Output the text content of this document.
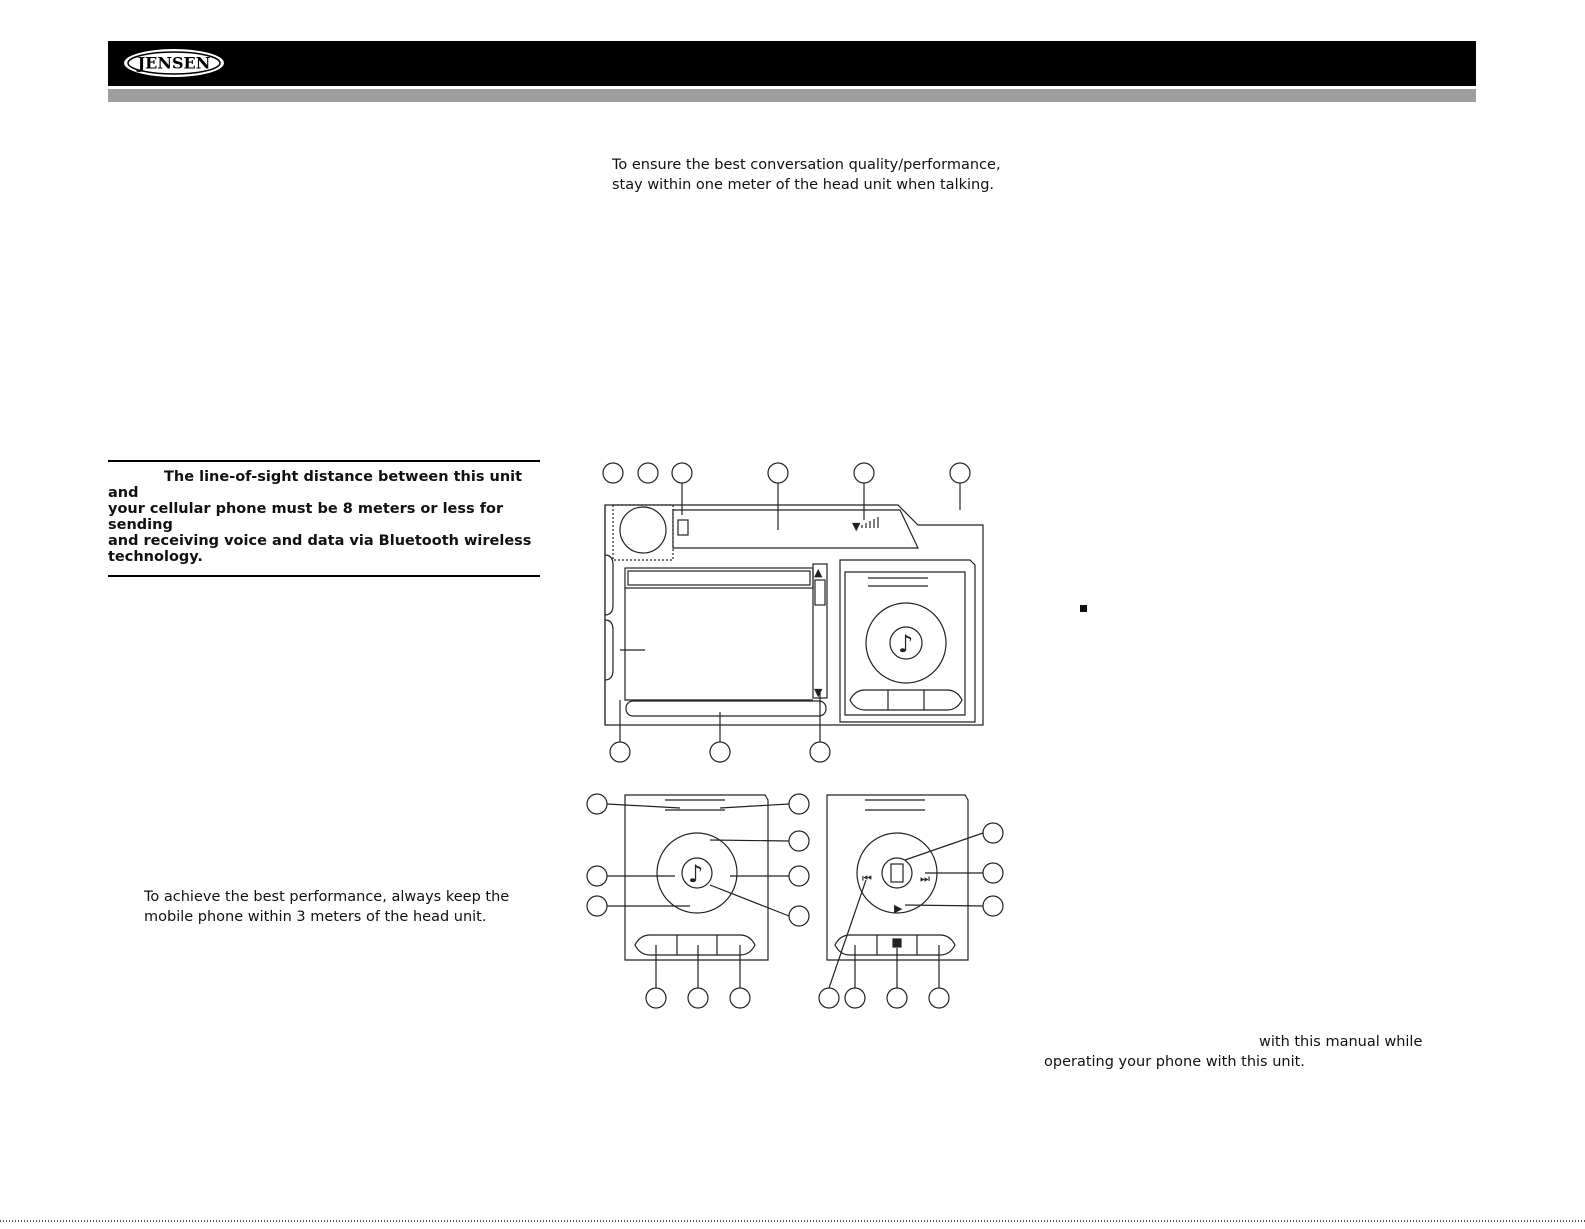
JENSEN
To ensure the best conversation quality/performance,
stay within one meter of the head unit when talking.
The line-of-sight distance between this unit and
your cellular phone must be 8 meters or less for sending
and receiving voice and data via Bluetooth wireless
technology.
To achieve the best performance, always keep the
mobile phone within 3 meters of the head unit.
with this manual while
operating your phone with this unit.
▼
▲
▼
♪
♪	⏮	⏭
▶
